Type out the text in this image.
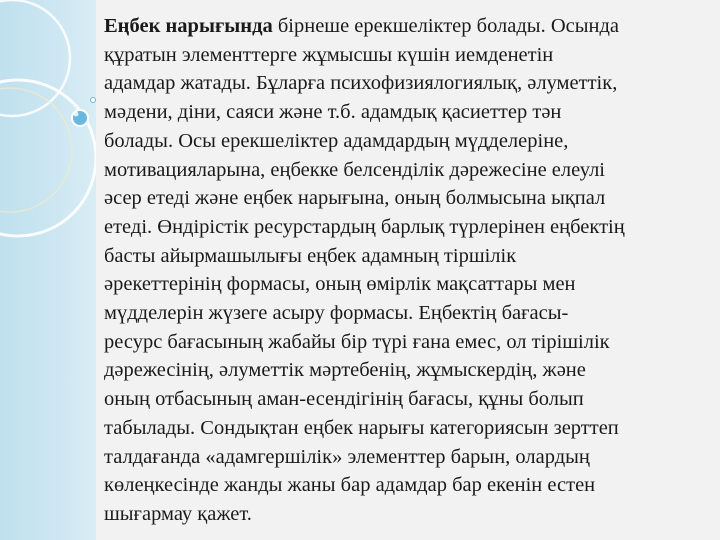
Еңбек нарығында бірнеше ерекшеліктер болады. Осында
құратын элементтерге жұмысшы күшін иемденетін
адамдар жатады. Бұларға психофизиялогиялық, әлуметтік,
мәдени, діни, саяси және т.б. адамдық қасиеттер тән
болады. Осы ерекшеліктер адамдардың мүдделеріне,
мотивацияларына, еңбекке белсенділік дәрежесіне елеулі
әсер етеді және еңбек нарығына, оның болмысына ықпал
етеді. Өндірістік ресурстардың барлық түрлерінен еңбектің
басты айырмашылығы еңбек адамның тіршілік
әрекеттерінің формасы, оның өмірлік мақсаттары мен
мүдделерін жүзеге асыру формасы. Еңбектің бағасы-
ресурс бағасының жабайы бір түрі ғана емес, ол тірішілік
дәрежесінің, әлуметтік мәртебенің, жұмыскердің, және
оның отбасының аман-есендігінің бағасы, құны болып
табылады. Сондықтан еңбек нарығы категориясын зерттеп
талдағанда «адамгершілік» элементтер барын, олардың
көлеңкесінде жанды жаны бар адамдар бар екенін естен
шығармау қажет.
